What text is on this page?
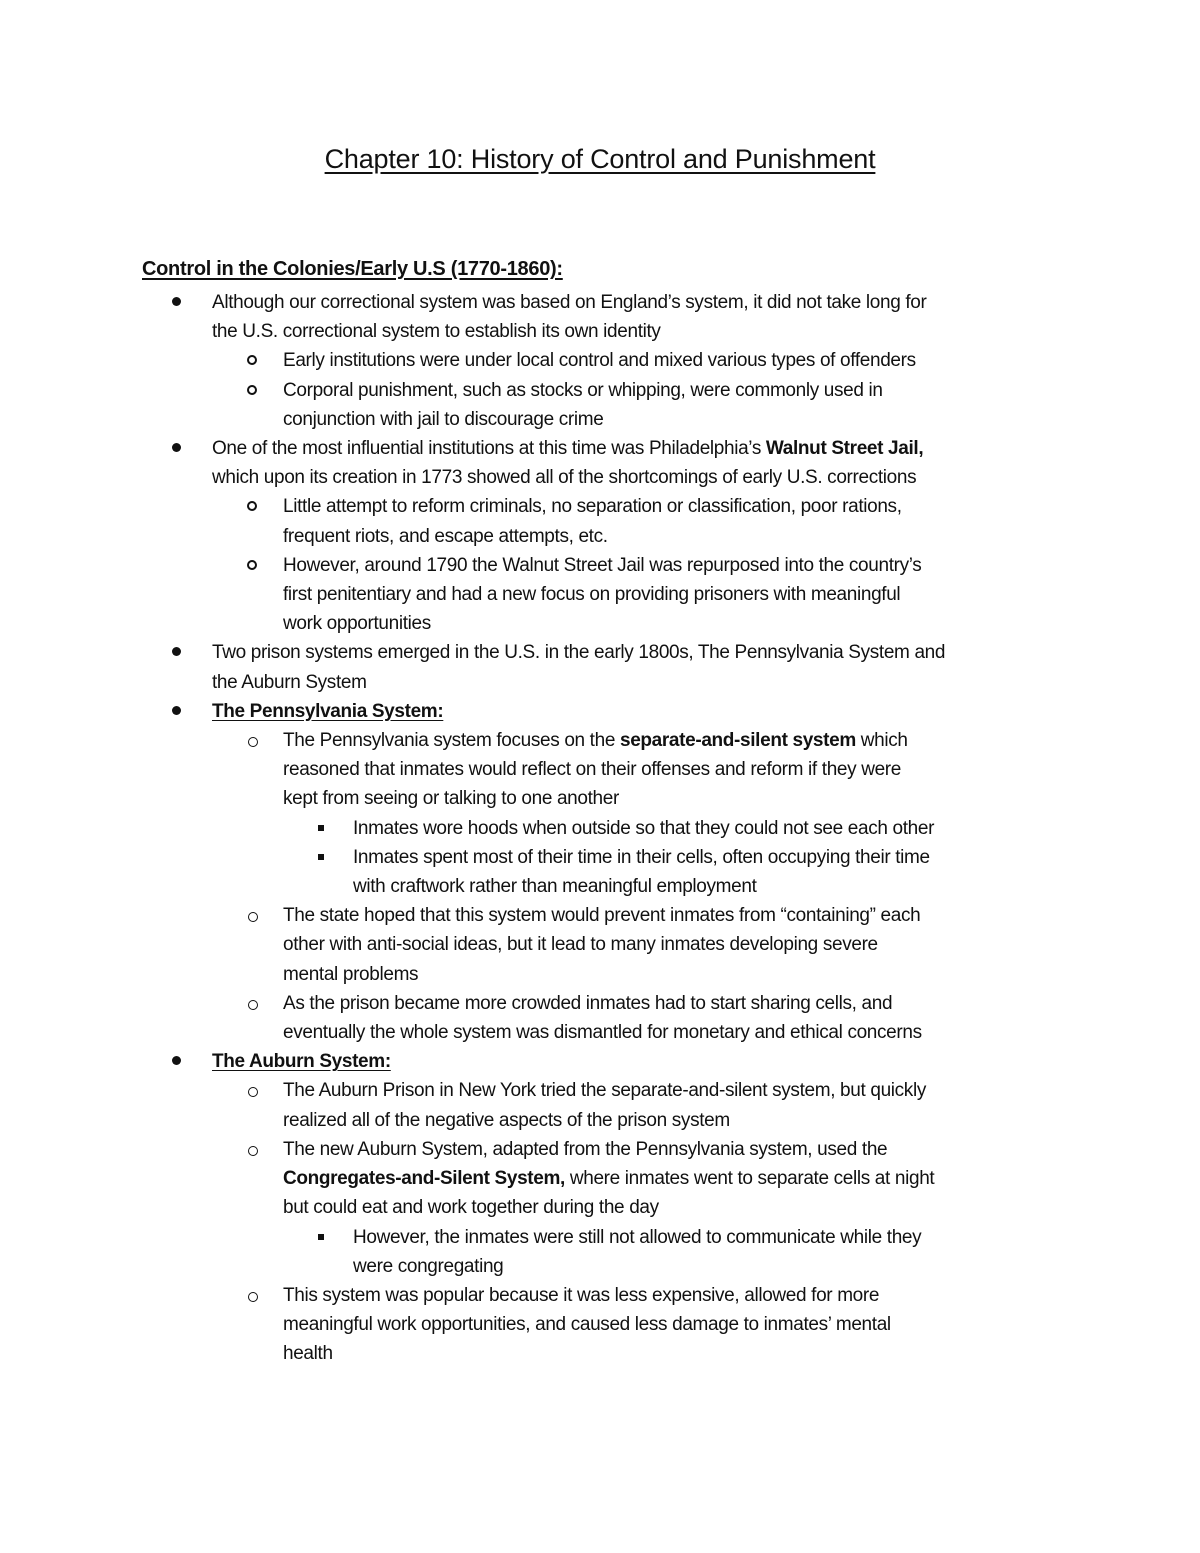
Chapter 10: History of Control and Punishment
Control in the Colonies/Early U.S (1770-1860):
Although our correctional system was based on England’s system, it did not take long for
the U.S. correctional system to establish its own identity
Early institutions were under local control and mixed various types of offenders
Corporal punishment, such as stocks or whipping, were commonly used in
conjunction with jail to discourage crime
One of the most influential institutions at this time was Philadelphia’s Walnut Street Jail,
which upon its creation in 1773 showed all of the shortcomings of early U.S. corrections
Little attempt to reform criminals, no separation or classification, poor rations,
frequent riots, and escape attempts, etc.
However, around 1790 the Walnut Street Jail was repurposed into the country’s
first penitentiary and had a new focus on providing prisoners with meaningful
work opportunities
Two prison systems emerged in the U.S. in the early 1800s, The Pennsylvania System and
the Auburn System
The Pennsylvania System:
The Pennsylvania system focuses on the separate-and-silent system which
reasoned that inmates would reflect on their offenses and reform if they were
kept from seeing or talking to one another
Inmates wore hoods when outside so that they could not see each other
Inmates spent most of their time in their cells, often occupying their time
with craftwork rather than meaningful employment
The state hoped that this system would prevent inmates from “containing” each
other with anti-social ideas, but it lead to many inmates developing severe
mental problems
As the prison became more crowded inmates had to start sharing cells, and
eventually the whole system was dismantled for monetary and ethical concerns
The Auburn System:
The Auburn Prison in New York tried the separate-and-silent system, but quickly
realized all of the negative aspects of the prison system
The new Auburn System, adapted from the Pennsylvania system, used the
Congregates-and-Silent System, where inmates went to separate cells at night
but could eat and work together during the day
However, the inmates were still not allowed to communicate while they
were congregating
This system was popular because it was less expensive, allowed for more
meaningful work opportunities, and caused less damage to inmates’ mental
health
